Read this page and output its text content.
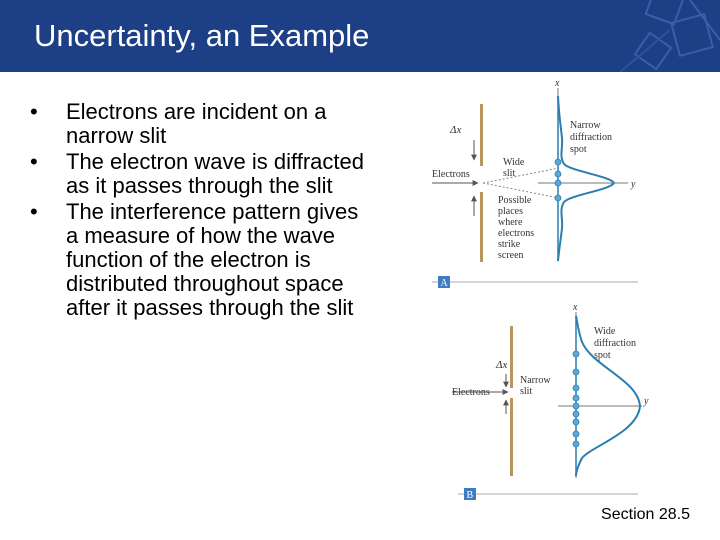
Uncertainty, an Example
•	Electrons are incident on a narrow slit
•	The electron wave is diffracted as it passes through the slit
•	The interference pattern gives a measure of how the wave function of the electron is distributed throughout space after it passes through the slit
Δx
Electrons
Wide
slit
x
y
Narrow
diffraction
spot
Possible
places
where
electrons
strike
screen
A
Δx
Electrons
Narrow
slit
x
y
Wide
diffraction
spot
B
Section 28.5
